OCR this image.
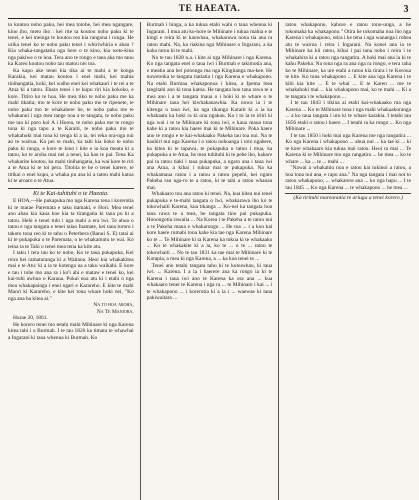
TE HAEATA.	3

to kontou noho paku, hei mea totohe, hei mea ngangare, kino iho, meto iho : kei rite ta koutou noho paku ki te tenei, e kei meinga te koutou reo kia rangona i runga. He urika tenei ko te noho paku tenei i whiriwhiria e ahau ? Kia whaka-tangatatia nga here o te kino, kia wete-kina nga pakiwe o te hoa. Tera ano te rongo e taea aka mo tauu ka Kareu koutou noho tau matou nei toa.

Ka kapo ake tenei kia tika ai te mahi a te konga Karakia, kei matau koutou i enei mahi, kei mahia tinihangatia, koki, kei walho enei kei whakauri i te rei a te Atua ki a tatou. Ehara tenei i te kupu riri kia kokoko, e kore. Titiro ko te hoa. He mea tiko te noho paku me ka mahi tikatia; mo te kore te noho paku me te ripenete, te noho paku mo te whakahere he, te noho paku me te whakanui i nga mea tange noa a te tangata, te noho paku me tau ki poro koi A i Horea, te noho paku me te rongo tona ki nga tapu a te Karaiti, te noho paku mo te whakahoki mai tona ki tenga ki a ia, tei reka ora-nga nui ao te wairua. Ka pei te mahi, ka tahi kia hoko te noho paku ki runga, e kore te kino i kite e ia koa meata ki a tatou, ko te aroha mai nei a tenei, ka hau te pai. Tena Ka whakarite koutou, ka mahi tinihangatia, ka wai kore te riri a te Atua ki te toi pera. Titohia te he o tenei karere, te titikai o enei kupu, a whaka pu ana ki a tatou mahi katoa ki te aroaro o te Atua.

Ki te Kai-tuhituhi o te Haeata.

E HOA,—He pukapuka mo nga Karena tena i korerotia ki te marae Paremata e taku itamaki, e Hori. Mea tenei ano ahau kia kaua koe kia ta tirangatia ki tana pu ki a tatou. Hehi e tenei tuhi i nga mahi a era iwi. Te ahua o tatou e nga tangata e tenei taiao Inamate, kei tana turoro i takoto tona reo ki te tahu o Peterbera (Banui S. E) tatai ai ki te pukapuka o te Paremata, o te whakamutu te wai. Ko teina ta te Tahi o tenei mea tena ka kite atu.

I taku i tera tau ko te noho, Ko te taua pukapuka, Kei reira hei ramaturanga ki a Waitaoa. Heoi kia whakakitea mai e te Atu: ki a ia te kotenga ua a taku waikahi. E kore e tau i tohe mo ana ra i ko'i ahi e mataw e tenei ko, kei kai-tuhi awhua o Karaua. Pokai noa atu ki i etahi o nga mea whakapainga i enei ngari e Karareho. E kite te mahi Maori ki Karareho, e kite kei tona whare hoki nei, "Ko nga ana ha kitea ai."

Na to hoa aroha,

Na Te Maniora.

Hurae 20, 1861.

He korero tenei mo tetahi mahi Mihinare ki nga Karena kitea tahi i o Burmah. I te tau 1826 ka timata te whawhai a Ingarani ki taua whenua ki Burmah. Ko

Burmah i hinga, a ka tukua etahi wahi o taua whenua ki Ingarani. I mua atu ko-hore te Mihinare i tukua mahia e te kingi e reira ki te kauwhau, whakarawa nona tia ana ra raton mahi. Na, ka riakina nga Mihinare o Ingarani, a ka kaha ratou ki te mahi.

No te tau 1828 n.a. i kite ai nga Mihinare i nga Karena. Ko nga tangata enei o taua iwi i Burmah e takimotia ana, e meatia ana hei pononga ma nga Kingitanga ma-kee. He nuwereika te tangata tiatiatia i nga Karena e whakapono. Na etahi Burmaa whakaponoa i kitea, a Ipema mea tangitahi ano ki tona katoa. He tangata hou tana rawa te a mea ano i a te tangata maua o i hoki ki te whare o te Mihinare taua hei kiwhakanawhia. Ka nowa ia i te kitenga o taua iwi, ka nga tikanga Karaiti ki a ia ka whakaatu ka hoki ra ki ona ngakau. Ko i tu ia te iriiri ki nga wai i te te Mihinare ki tona iwi, e kaua maua tona kahe ki a ratou kia haere mai ki te Mihinare. Poka haere ano te rongo e te kai-whakaako Pakeha tau toa nui. Na te hauhiri nui nga Karena i o ratou nohoanga i roto ngahere, ka kitea ki te tapawa, te pukapuka o tatou i mua, ka pukapuka a te Atua, he mea tuhituhi ki te pebe iho, kahore pai ta ratou tiaki i taua pukapuka, a ngaro ana i taua iwi ana Atua, a kihai i tukua mai te pukapuka. Na ka whakamaua ratou i a ratou a ratou pepehi, kei ngaro Pakeha rau nga-ro te a ratou, ki te tahi a ratou whanau mai.

Whakaaro tou ana ratou ki tenei. Na, kua kitea nui tenei pukapuka e te-mahi tangata o Iwi, whakarawa iho ko te tokowhaiti Karena, kua tikanga ... Ko-nei ka tangata hou tana rawa te a mea, he tangata tino pai pukapuka. Honongotia rawaiia ... Na Korea i te Pakeha a te ratou nui o te Pakeha mana e whakarongo ... He toa ... i a kou kai kore haere rumahi tona kahe kia tae nga Karena Mihinare ko te ... Te Mihinare ki ta Karena ka tukua ki te whakaako ... Ko te whakakite ki a ia, ko te ... o te ... ratou te tokowhaiti ... No te tau 1831 ka tae mai te Mihinare ki te Kotapia, a mea ki nga Karena, a ... ka koa tenei te ...

Tenei ano tetahi tangata tahu ki te konuwhau, ki taua iwi. ... Karena. I a ia i haerere ana ka rongo ia ki te Karena i taua iwi ano te Karena ka ora ana ... kua whakaaro tenei te Karena i nga ra ... te Mihinare i kai ... i te whakapono ... i korerotia ki a ia i ... waewae ki tana pakiwaitara ...

ratou whakapono, kahore e ratou tono-unga, a he tokomaha ka whakapono." Otira he tokomaha noa iho nga Karena i whakapono, otira i ke tena i nga wananga i rohea atu te wairua i reira i Ingarani. Na konei ana ia te Mihinare ka kii ratou, kihai i pai tana noho i reira i te whakahira ki a ratou nga rangatira. A hoki mai ana ia ki te kahu Pakeha. Na tona nga ra ana nga ra rongo, e tera raha ko te Mihinare, ka ure etahi a ratou kia tirara i te Koroua te kite. Ko tona whakapono ... E kite ana nga Karena i te kihi kia kite ... E te whai ... E te Kareu ... me te whakahoki mai ... kia whakapono mai, ko te mahi ... Ki a te tangata i te whakapono ...

I te tau 1843 i tikina ai etahi kai-whakaako ma nga Karena ... Ko te Mihinare tona i nga mahi whakaakoranga ... a ko taua tangata i uru ki te whare karakia. I tetahi tau 1856 etahi o ratou i haere ... I tetahi ra ka rongo ... Ko nga Mihinare ...

I te tau 1850 i hoki mai nga Karena me nga rangatira ... Ko nga Karena i whakapono ... ahua nui ... ka tae ki ... ki te kore whakaaro kia tukua mai ratou. Heoi ra mai ... Te Karena ki te Mihinare mo nga rangatira ... he mea ... ko te whare ... ka ... te ... mahi ...

"Nawai a whakahiu noa e ratou kai tukinoi a ratou, a hoa tona nui ana, e rapu ana." Na nga tangata i mai noi to ratou whakapono, ... whakarere ana ... ko nga hapu ... I te tau 1845 ... Ko nga Karena ... te whakapono ... he mea ...

(Ka tirituhi mareanatia te ariuga a tenei korero.)
